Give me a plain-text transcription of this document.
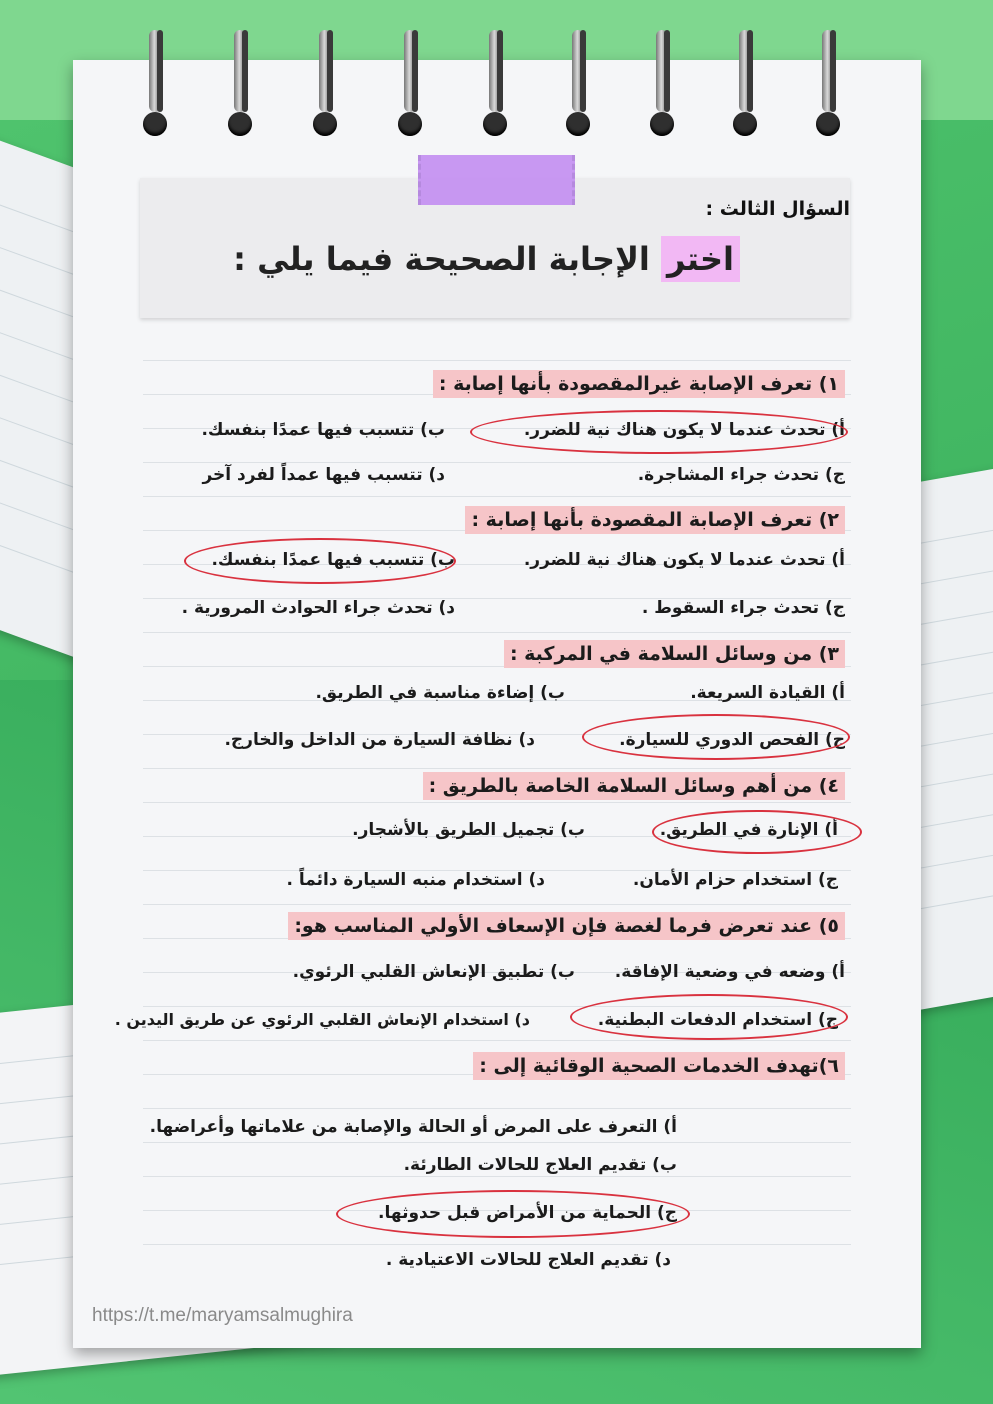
السؤال الثالث :
اختر الإجابة الصحيحة فيما يلي :
١) تعرف الإصابة غيرالمقصودة بأنها إصابة :
أ) تحدث عندما لا يكون هناك نية للضرر.
ب) تتسبب فيها عمدًا بنفسك.
ج) تحدث جراء المشاجرة.
د) تتسبب فيها عمداً لفرد آخر
٢) تعرف الإصابة المقصودة بأنها إصابة :
أ) تحدث عندما لا يكون هناك نية للضرر.
ب) تتسبب فيها عمدًا بنفسك.
ج) تحدث جراء السقوط .
د) تحدث جراء الحوادث المرورية .
٣) من وسائل السلامة في المركبة :
أ) القيادة السريعة.
ب) إضاءة مناسبة في الطريق.
ج) الفحص الدوري للسيارة.
د) نظافة السيارة من الداخل والخارج.
٤) من أهم وسائل السلامة الخاصة بالطريق :
أ) الإنارة في الطريق.
ب) تجميل الطريق بالأشجار.
ج) استخدام حزام الأمان.
د) استخدام منبه السيارة دائماً .
٥) عند تعرض فرما لغصة فإن الإسعاف الأولي المناسب هو:
أ) وضعه في وضعية الإفاقة.
ب) تطبيق الإنعاش القلبي الرئوي.
ج) استخدام الدفعات البطنية.
د) استخدام الإنعاش القلبي الرئوي عن طريق اليدين .
٦)تهدف الخدمات الصحية الوقائية إلى :
أ) التعرف على المرض أو الحالة والإصابة من علاماتها وأعراضها.
ب) تقديم العلاج للحالات الطارئة.
ج) الحماية من الأمراض قبل حدوثها.
د) تقديم العلاج للحالات الاعتيادية .
https://t.me/maryamsalmughira
